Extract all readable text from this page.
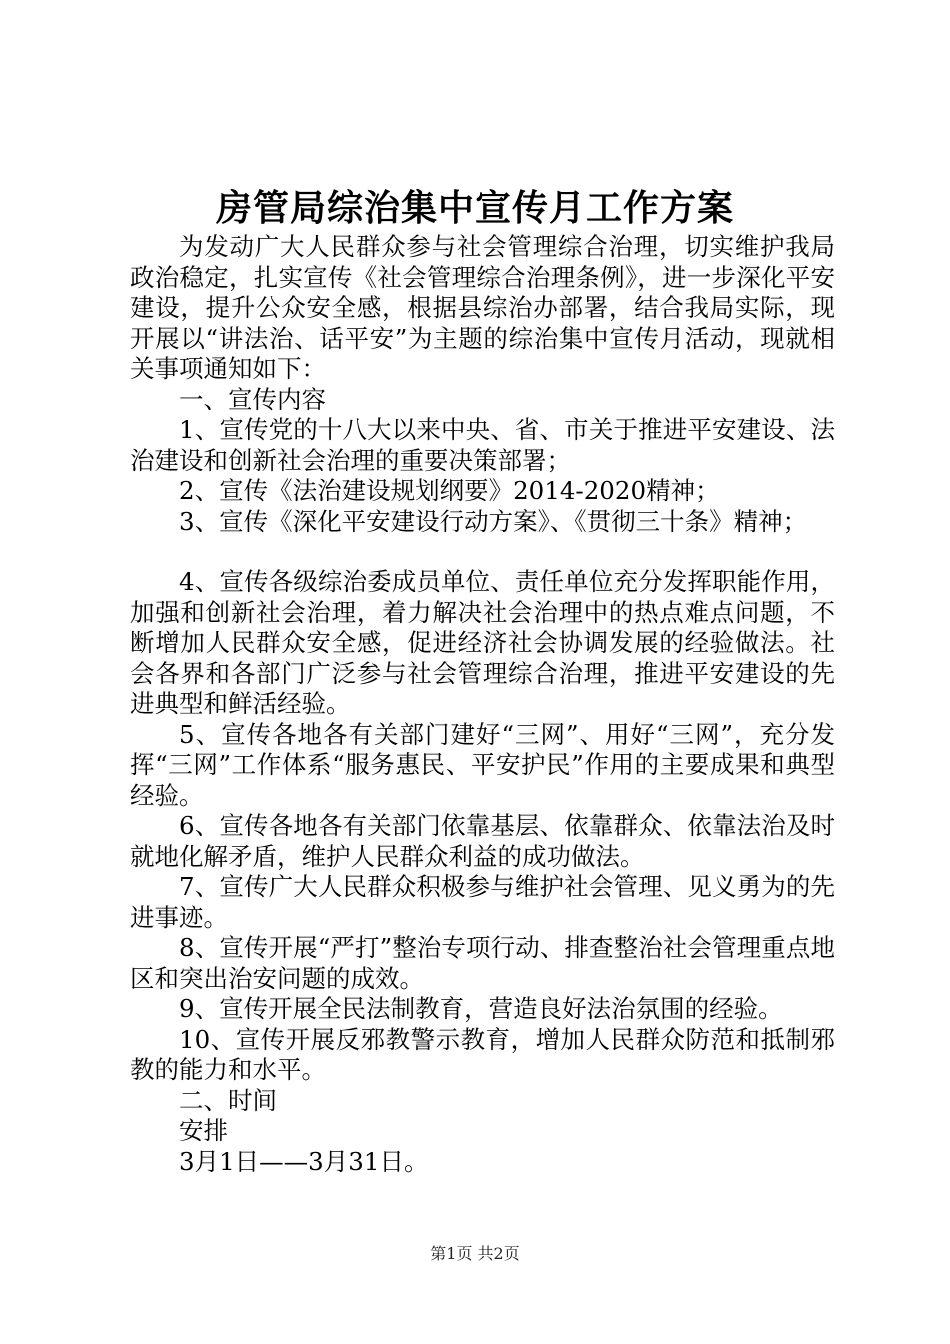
房管局综治集中宣传月工作方案

为发动广大人民群众参与社会管理综合治理，切实维护我局政治稳定，扎实宣传《社会管理综合治理条例》，进一步深化平安建设，提升公众安全感，根据县综治办部署，结合我局实际，现开展以“讲法治、话平安”为主题的综治集中宣传月活动，现就相关事项通知如下：

一、宣传内容

1、宣传党的十八大以来中央、省、市关于推进平安建设、法治建设和创新社会治理的重要决策部署；

2、宣传《法治建设规划纲要》2014-2020精神；

3、宣传《深化平安建设行动方案》、《贯彻三十条》精神；

4、宣传各级综治委成员单位、责任单位充分发挥职能作用，加强和创新社会治理，着力解决社会治理中的热点难点问题，不断增加人民群众安全感，促进经济社会协调发展的经验做法。社会各界和各部门广泛参与社会管理综合治理，推进平安建设的先进典型和鲜活经验。

5、宣传各地各有关部门建好“三网”、用好“三网”，充分发挥“三网”工作体系“服务惠民、平安护民”作用的主要成果和典型经验。

6、宣传各地各有关部门依靠基层、依靠群众、依靠法治及时就地化解矛盾，维护人民群众利益的成功做法。

7、宣传广大人民群众积极参与维护社会管理、见义勇为的先进事迹。

8、宣传开展“严打”整治专项行动、排查整治社会管理重点地区和突出治安问题的成效。

9、宣传开展全民法制教育，营造良好法治氛围的经验。

10、宣传开展反邪教警示教育，增加人民群众防范和抵制邪教的能力和水平。

二、时间

安排

3月1日——3月31日。

第1页 共2页
